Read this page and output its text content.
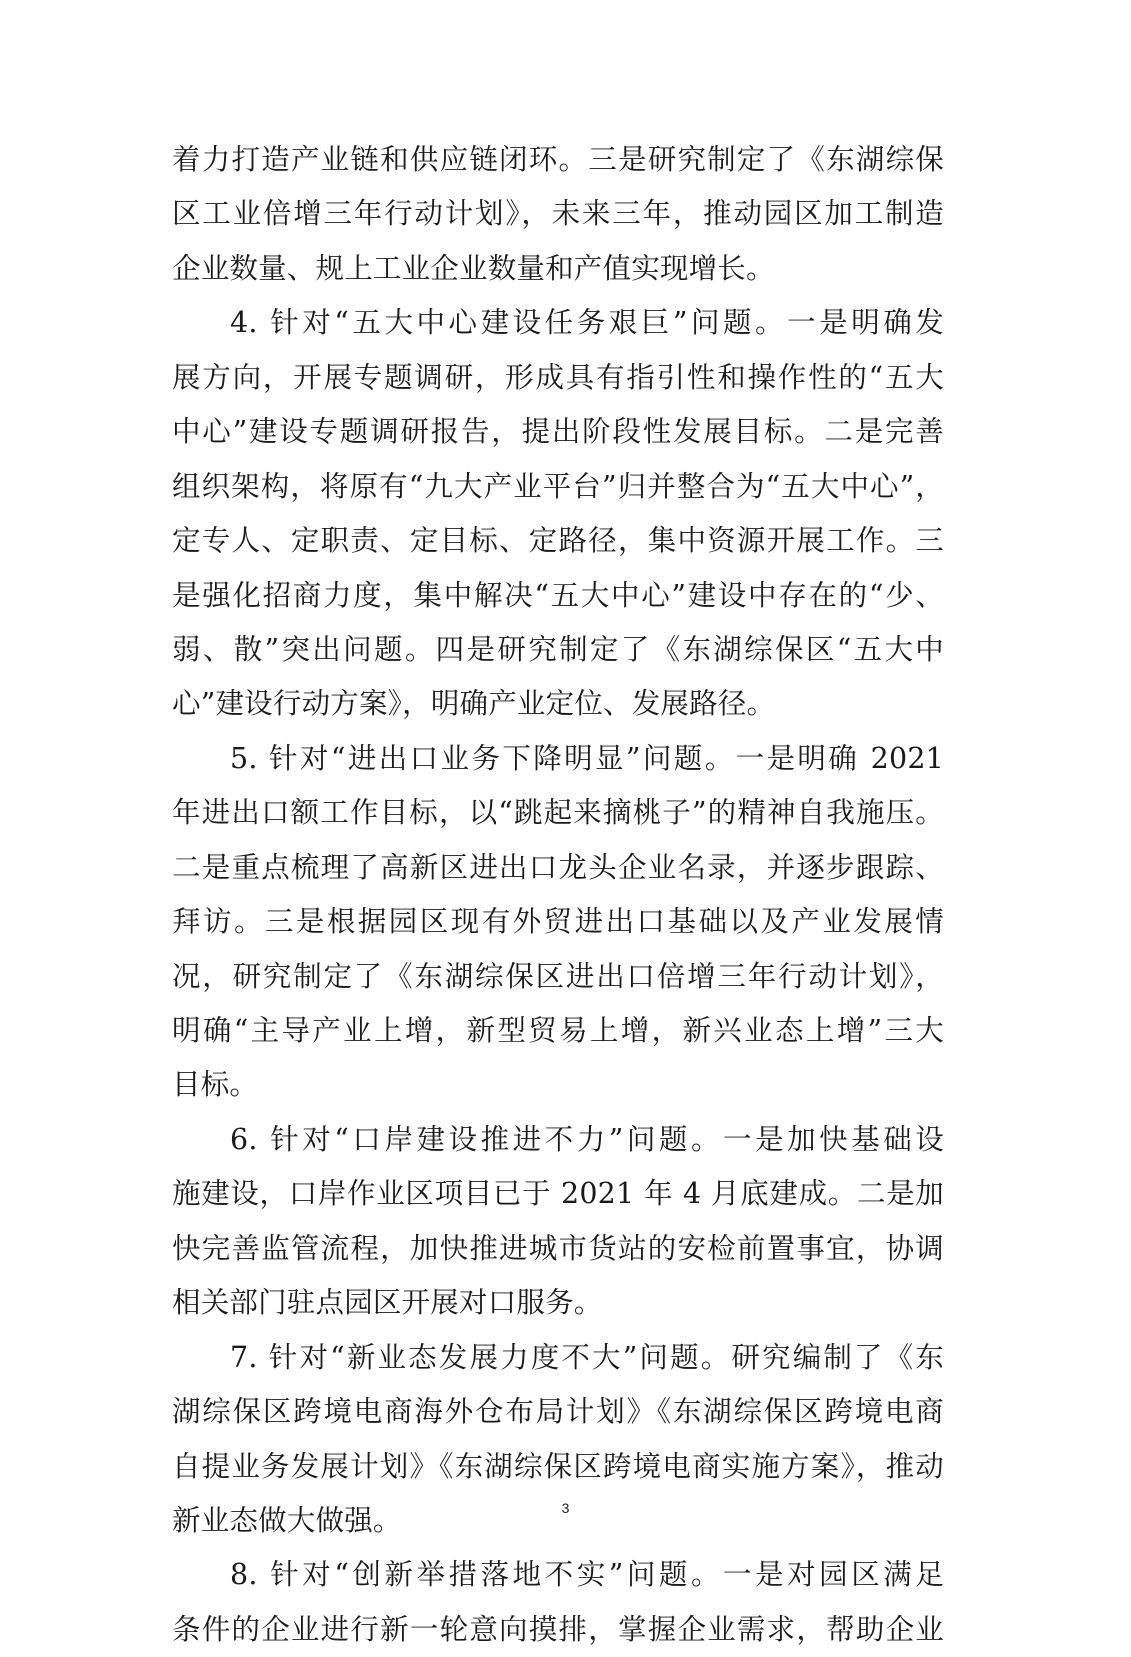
着力打造产业链和供应链闭环。三是研究制定了《东湖综保
区工业倍增三年行动计划》，未来三年，推动园区加工制造
企业数量、规上工业企业数量和产值实现增长。
4. 针对“五大中心建设任务艰巨”问题。一是明确发
展方向，开展专题调研，形成具有指引性和操作性的“五大
中心”建设专题调研报告，提出阶段性发展目标。二是完善
组织架构，将原有“九大产业平台”归并整合为“五大中心”，
定专人、定职责、定目标、定路径，集中资源开展工作。三
是强化招商力度，集中解决“五大中心”建设中存在的“少、
弱、散”突出问题。四是研究制定了《东湖综保区“五大中
心”建设行动方案》，明确产业定位、发展路径。
5. 针对“进出口业务下降明显”问题。一是明确 2021
年进出口额工作目标，以“跳起来摘桃子”的精神自我施压。
二是重点梳理了高新区进出口龙头企业名录，并逐步跟踪、
拜访。三是根据园区现有外贸进出口基础以及产业发展情
况，研究制定了《东湖综保区进出口倍增三年行动计划》，
明确“主导产业上增，新型贸易上增，新兴业态上增”三大
目标。
6. 针对“口岸建设推进不力”问题。一是加快基础设
施建设，口岸作业区项目已于 2021 年 4 月底建成。二是加
快完善监管流程，加快推进城市货站的安检前置事宜，协调
相关部门驻点园区开展对口服务。
7. 针对“新业态发展力度不大”问题。研究编制了《东
湖综保区跨境电商海外仓布局计划》《东湖综保区跨境电商
自提业务发展计划》《东湖综保区跨境电商实施方案》，推动
新业态做大做强。
8. 针对“创新举措落地不实”问题。一是对园区满足
条件的企业进行新一轮意向摸排，掌握企业需求，帮助企业
3
